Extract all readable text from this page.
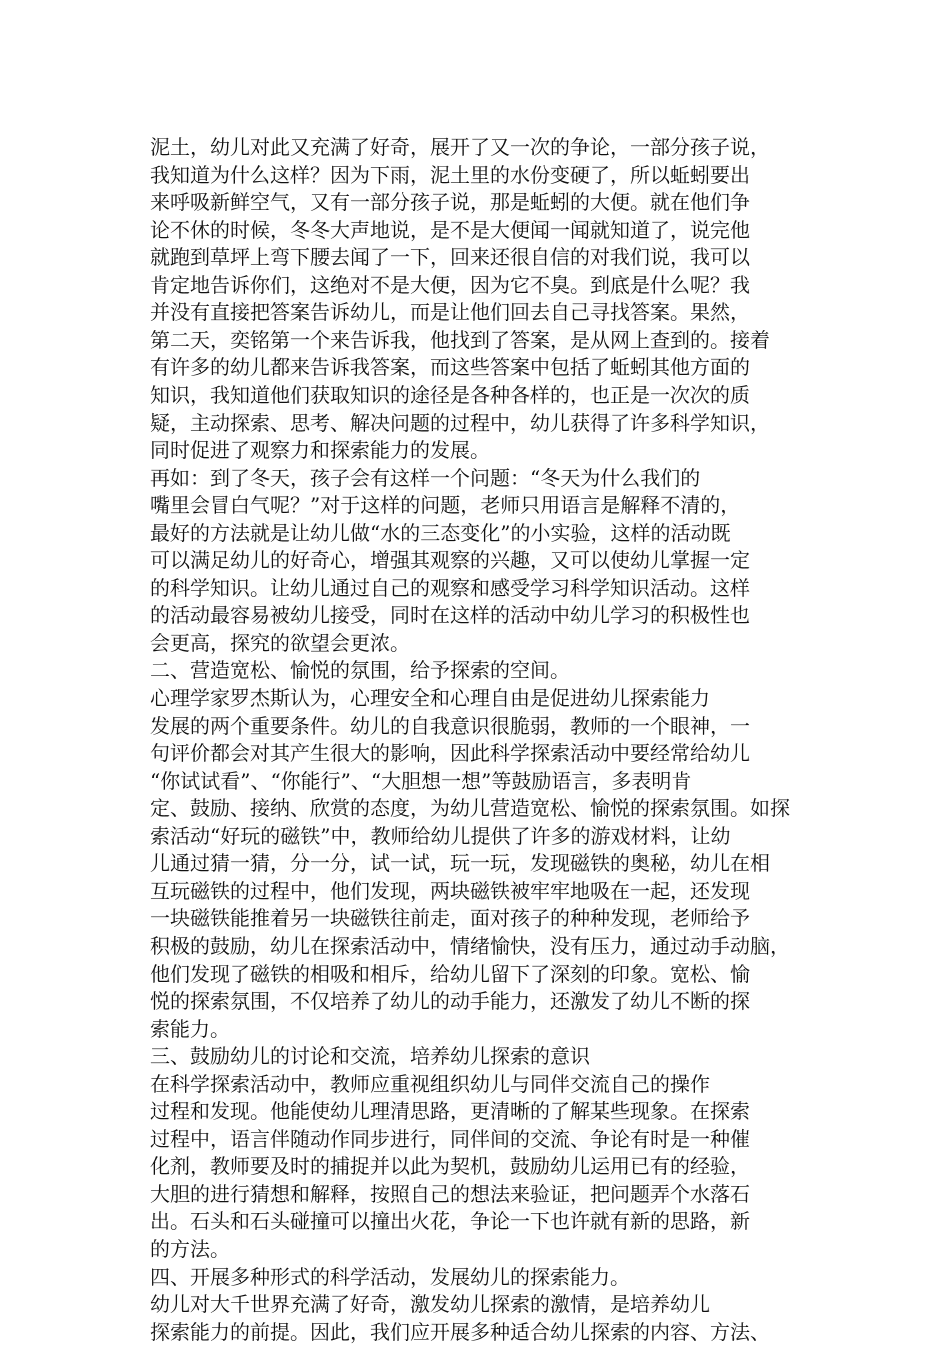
泥土，幼儿对此又充满了好奇，展开了又一次的争论，一部分孩子说，
我知道为什么这样？因为下雨，泥土里的水份变硬了，所以蚯蚓要出
来呼吸新鲜空气，又有一部分孩子说，那是蚯蚓的大便。就在他们争
论不休的时候，冬冬大声地说，是不是大便闻一闻就知道了，说完他
就跑到草坪上弯下腰去闻了一下，回来还很自信的对我们说，我可以
肯定地告诉你们，这绝对不是大便，因为它不臭。到底是什么呢？我
并没有直接把答案告诉幼儿，而是让他们回去自己寻找答案。果然，
第二天，奕铭第一个来告诉我，他找到了答案，是从网上查到的。接着
有许多的幼儿都来告诉我答案，而这些答案中包括了蚯蚓其他方面的
知识，我知道他们获取知识的途径是各种各样的，也正是一次次的质
疑，主动探索、思考、解决问题的过程中，幼儿获得了许多科学知识，
同时促进了观察力和探索能力的发展。
再如：到了冬天，孩子会有这样一个问题：“冬天为什么我们的
嘴里会冒白气呢？”对于这样的问题，老师只用语言是解释不清的，
最好的方法就是让幼儿做“水的三态变化”的小实验，这样的活动既
可以满足幼儿的好奇心，增强其观察的兴趣，又可以使幼儿掌握一定
的科学知识。让幼儿通过自己的观察和感受学习科学知识活动。这样
的活动最容易被幼儿接受，同时在这样的活动中幼儿学习的积极性也
会更高，探究的欲望会更浓。
二、营造宽松、愉悦的氛围，给予探索的空间。
心理学家罗杰斯认为，心理安全和心理自由是促进幼儿探索能力
发展的两个重要条件。幼儿的自我意识很脆弱，教师的一个眼神，一
句评价都会对其产生很大的影响，因此科学探索活动中要经常给幼儿
“你试试看”、“你能行”、“大胆想一想”等鼓励语言，多表明肯
定、鼓励、接纳、欣赏的态度，为幼儿营造宽松、愉悦的探索氛围。如探
索活动“好玩的磁铁”中，教师给幼儿提供了许多的游戏材料，让幼
儿通过猜一猜，分一分，试一试，玩一玩，发现磁铁的奥秘，幼儿在相
互玩磁铁的过程中，他们发现，两块磁铁被牢牢地吸在一起，还发现
一块磁铁能推着另一块磁铁往前走，面对孩子的种种发现，老师给予
积极的鼓励，幼儿在探索活动中，情绪愉快，没有压力，通过动手动脑，
他们发现了磁铁的相吸和相斥，给幼儿留下了深刻的印象。宽松、愉
悦的探索氛围，不仅培养了幼儿的动手能力，还激发了幼儿不断的探
索能力。
三、鼓励幼儿的讨论和交流，培养幼儿探索的意识
在科学探索活动中，教师应重视组织幼儿与同伴交流自己的操作
过程和发现。他能使幼儿理清思路，更清晰的了解某些现象。在探索
过程中，语言伴随动作同步进行，同伴间的交流、争论有时是一种催
化剂，教师要及时的捕捉并以此为契机，鼓励幼儿运用已有的经验，
大胆的进行猜想和解释，按照自己的想法来验证，把问题弄个水落石
出。石头和石头碰撞可以撞出火花，争论一下也许就有新的思路，新
的方法。
四、开展多种形式的科学活动，发展幼儿的探索能力。
幼儿对大千世界充满了好奇，激发幼儿探索的激情，是培养幼儿
探索能力的前提。因此，我们应开展多种适合幼儿探索的内容、方法、
